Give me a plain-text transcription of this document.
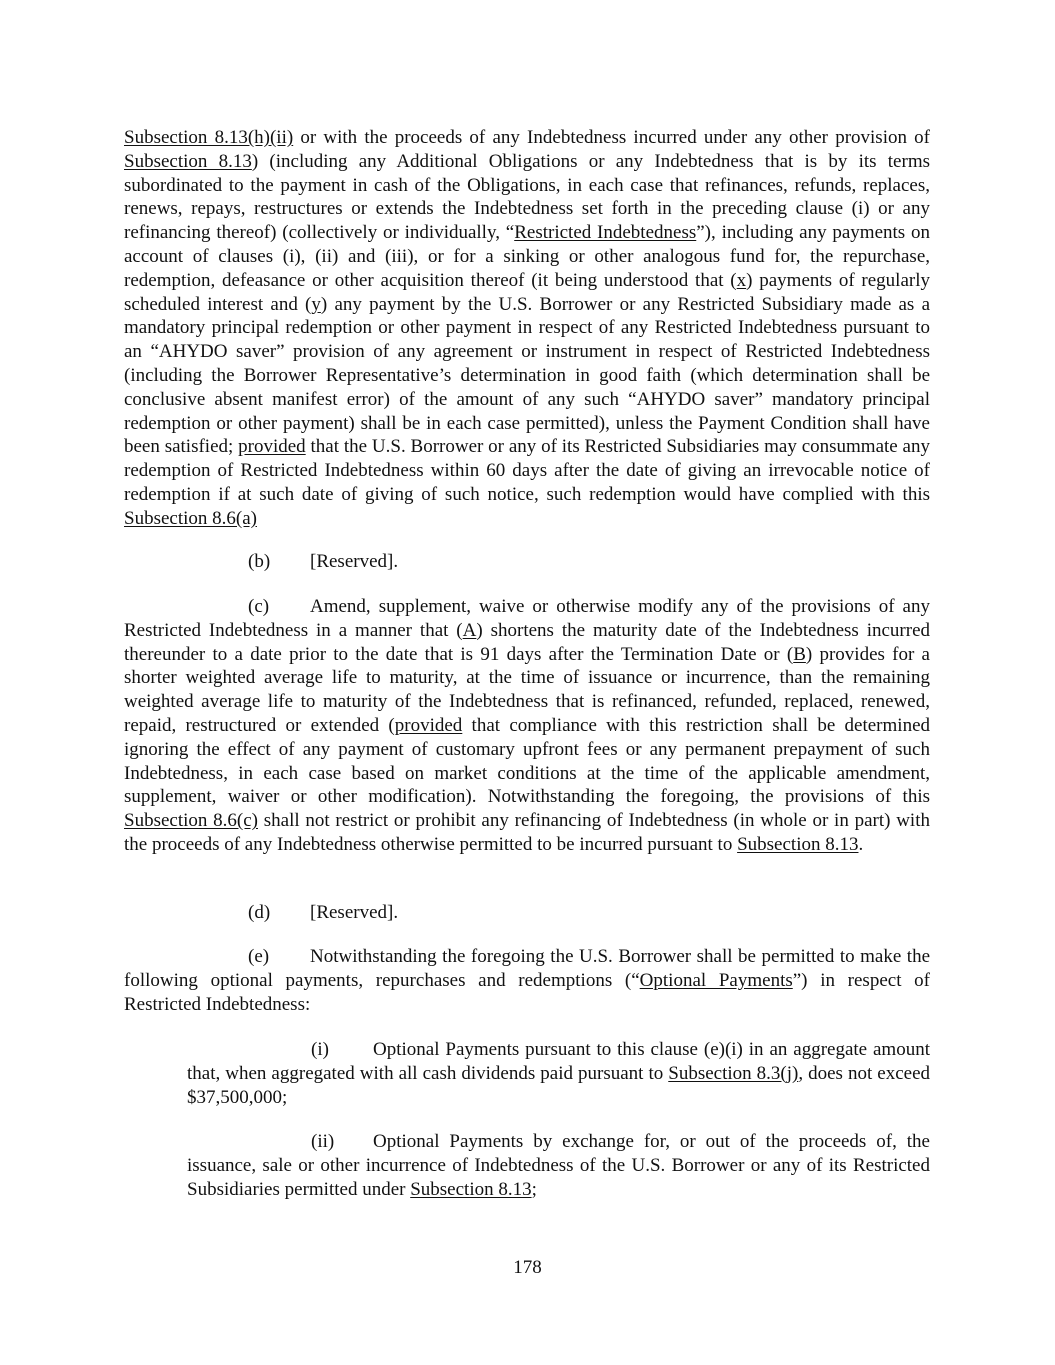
Subsection 8.13(h)(ii) or with the proceeds of any Indebtedness incurred under any other provision of Subsection 8.13) (including any Additional Obligations or any Indebtedness that is by its terms subordinated to the payment in cash of the Obligations, in each case that refinances, refunds, replaces, renews, repays, restructures or extends the Indebtedness set forth in the preceding clause (i) or any refinancing thereof) (collectively or individually, “Restricted Indebtedness”), including any payments on account of clauses (i), (ii) and (iii), or for a sinking or other analogous fund for, the repurchase, redemption, defeasance or other acquisition thereof (it being understood that (x) payments of regularly scheduled interest and (y) any payment by the U.S. Borrower or any Restricted Subsidiary made as a mandatory principal redemption or other payment in respect of any Restricted Indebtedness pursuant to an “AHYDO saver” provision of any agreement or instrument in respect of Restricted Indebtedness (including the Borrower Representative’s determination in good faith (which determination shall be conclusive absent manifest error) of the amount of any such “AHYDO saver” mandatory principal redemption or other payment) shall be in each case permitted), unless the Payment Condition shall have been satisfied; provided that the U.S. Borrower or any of its Restricted Subsidiaries may consummate any redemption of Restricted Indebtedness within 60 days after the date of giving an irrevocable notice of redemption if at such date of giving of such notice, such redemption would have complied with this Subsection 8.6(a)

(b) [Reserved].

(c) Amend, supplement, waive or otherwise modify any of the provisions of any Restricted Indebtedness in a manner that (A) shortens the maturity date of the Indebtedness incurred thereunder to a date prior to the date that is 91 days after the Termination Date or (B) provides for a shorter weighted average life to maturity, at the time of issuance or incurrence, than the remaining weighted average life to maturity of the Indebtedness that is refinanced, refunded, replaced, renewed, repaid, restructured or extended (provided that compliance with this restriction shall be determined ignoring the effect of any payment of customary upfront fees or any permanent prepayment of such Indebtedness, in each case based on market conditions at the time of the applicable amendment, supplement, waiver or other modification). Notwithstanding the foregoing, the provisions of this Subsection 8.6(c) shall not restrict or prohibit any refinancing of Indebtedness (in whole or in part) with the proceeds of any Indebtedness otherwise permitted to be incurred pursuant to Subsection 8.13.

(d) [Reserved].

(e) Notwithstanding the foregoing the U.S. Borrower shall be permitted to make the following optional payments, repurchases and redemptions (“Optional Payments”) in respect of Restricted Indebtedness:

(i) Optional Payments pursuant to this clause (e)(i) in an aggregate amount that, when aggregated with all cash dividends paid pursuant to Subsection 8.3(j), does not exceed $37,500,000;

(ii) Optional Payments by exchange for, or out of the proceeds of, the issuance, sale or other incurrence of Indebtedness of the U.S. Borrower or any of its Restricted Subsidiaries permitted under Subsection 8.13;

178
